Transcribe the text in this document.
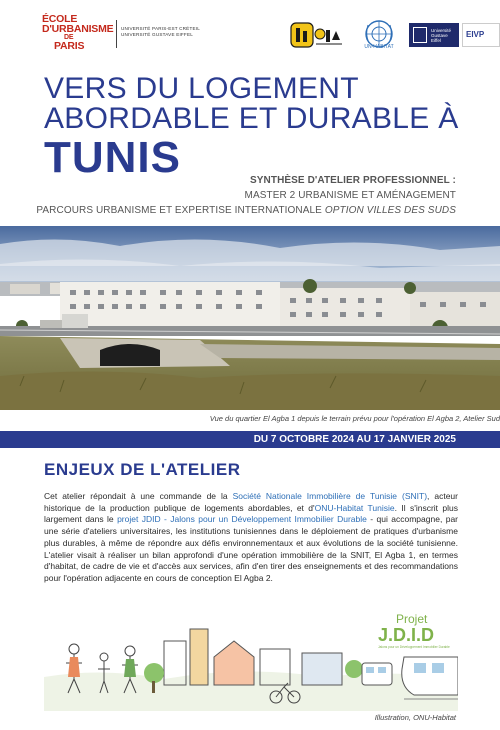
ÉCOLE
D'URBANISME
DE
PARIS
UNIVERSITÉ PARIS-EST CRÉTEIL
UNIVERSITÉ GUSTAVE EIFFEL
UN-HABITAT
Université
Gustave
Eiffel
EIVP
VERS DU LOGEMENT
ABORDABLE ET DURABLE À
TUNIS	SYNTHÈSE D'ATELIER PROFESSIONNEL :
MASTER 2 URBANISME ET AMÉNAGEMENT
PARCOURS URBANISME ET EXPERTISE INTERNATIONALE OPTION VILLES DES SUDS
Vue du quartier El Agba 1 depuis le terrain prévu pour l'opération El Agba 2, Atelier Sud
DU 7 OCTOBRE 2024 AU 17 JANVIER 2025
ENJEUX DE L'ATELIER
Cet atelier répondait à une commande de la Société Nationale Immobilière de Tunisie (SNIT), acteur historique de la production publique de logements abordables, et d'ONU-Habitat Tunisie. Il s'inscrit plus largement dans le projet JDID - Jalons pour un Développement Immobilier Durable - qui accompagne, par une série d'ateliers universitaires, les institutions tunisiennes dans le déploiement de pratiques d'urbanisme plus durables, à même de répondre aux défis environnementaux et aux évolutions de la société tunisienne. L'atelier visait à réaliser un bilan approfondi d'une opération immobilière de la SNIT, El Agba 1, en termes d'habitat, de cadre de vie et d'accès aux services, afin d'en tirer des enseignements et des recommandations pour l'opération adjacente en cours de conception El Agba 2.
Projet
J.D.I.D
Jalons pour un Développement Immobilier Durable
Illustration, ONU-Habitat
